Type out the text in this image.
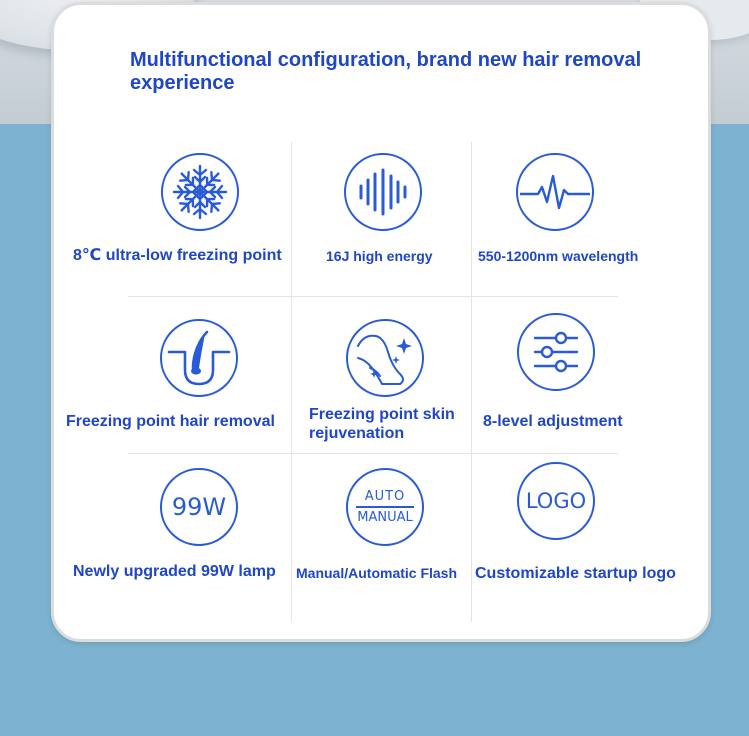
Multifunctional configuration, brand new hair removal experience
8℃ ultra-low freezing point	16J high energy	550-1200nm wavelength
Freezing point hair removal Freezing point skin rejuvenation
8-level adjustment
99W
Newly upgraded 99W lamp
AUTO
MANUAL
Manual/Automatic Flash
LOGO
Customizable startup logo
